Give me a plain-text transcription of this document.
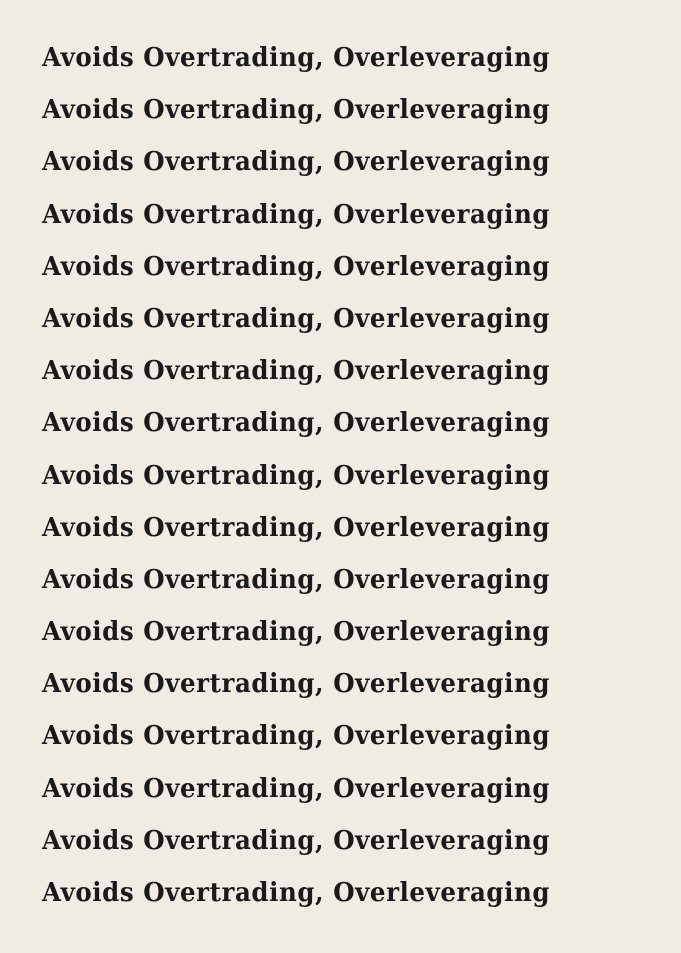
Avoids Overtrading, Overleveraging
Avoids Overtrading, Overleveraging
Avoids Overtrading, Overleveraging
Avoids Overtrading, Overleveraging
Avoids Overtrading, Overleveraging
Avoids Overtrading, Overleveraging
Avoids Overtrading, Overleveraging
Avoids Overtrading, Overleveraging
Avoids Overtrading, Overleveraging
Avoids Overtrading, Overleveraging
Avoids Overtrading, Overleveraging
Avoids Overtrading, Overleveraging
Avoids Overtrading, Overleveraging
Avoids Overtrading, Overleveraging
Avoids Overtrading, Overleveraging
Avoids Overtrading, Overleveraging
Avoids Overtrading, Overleveraging
